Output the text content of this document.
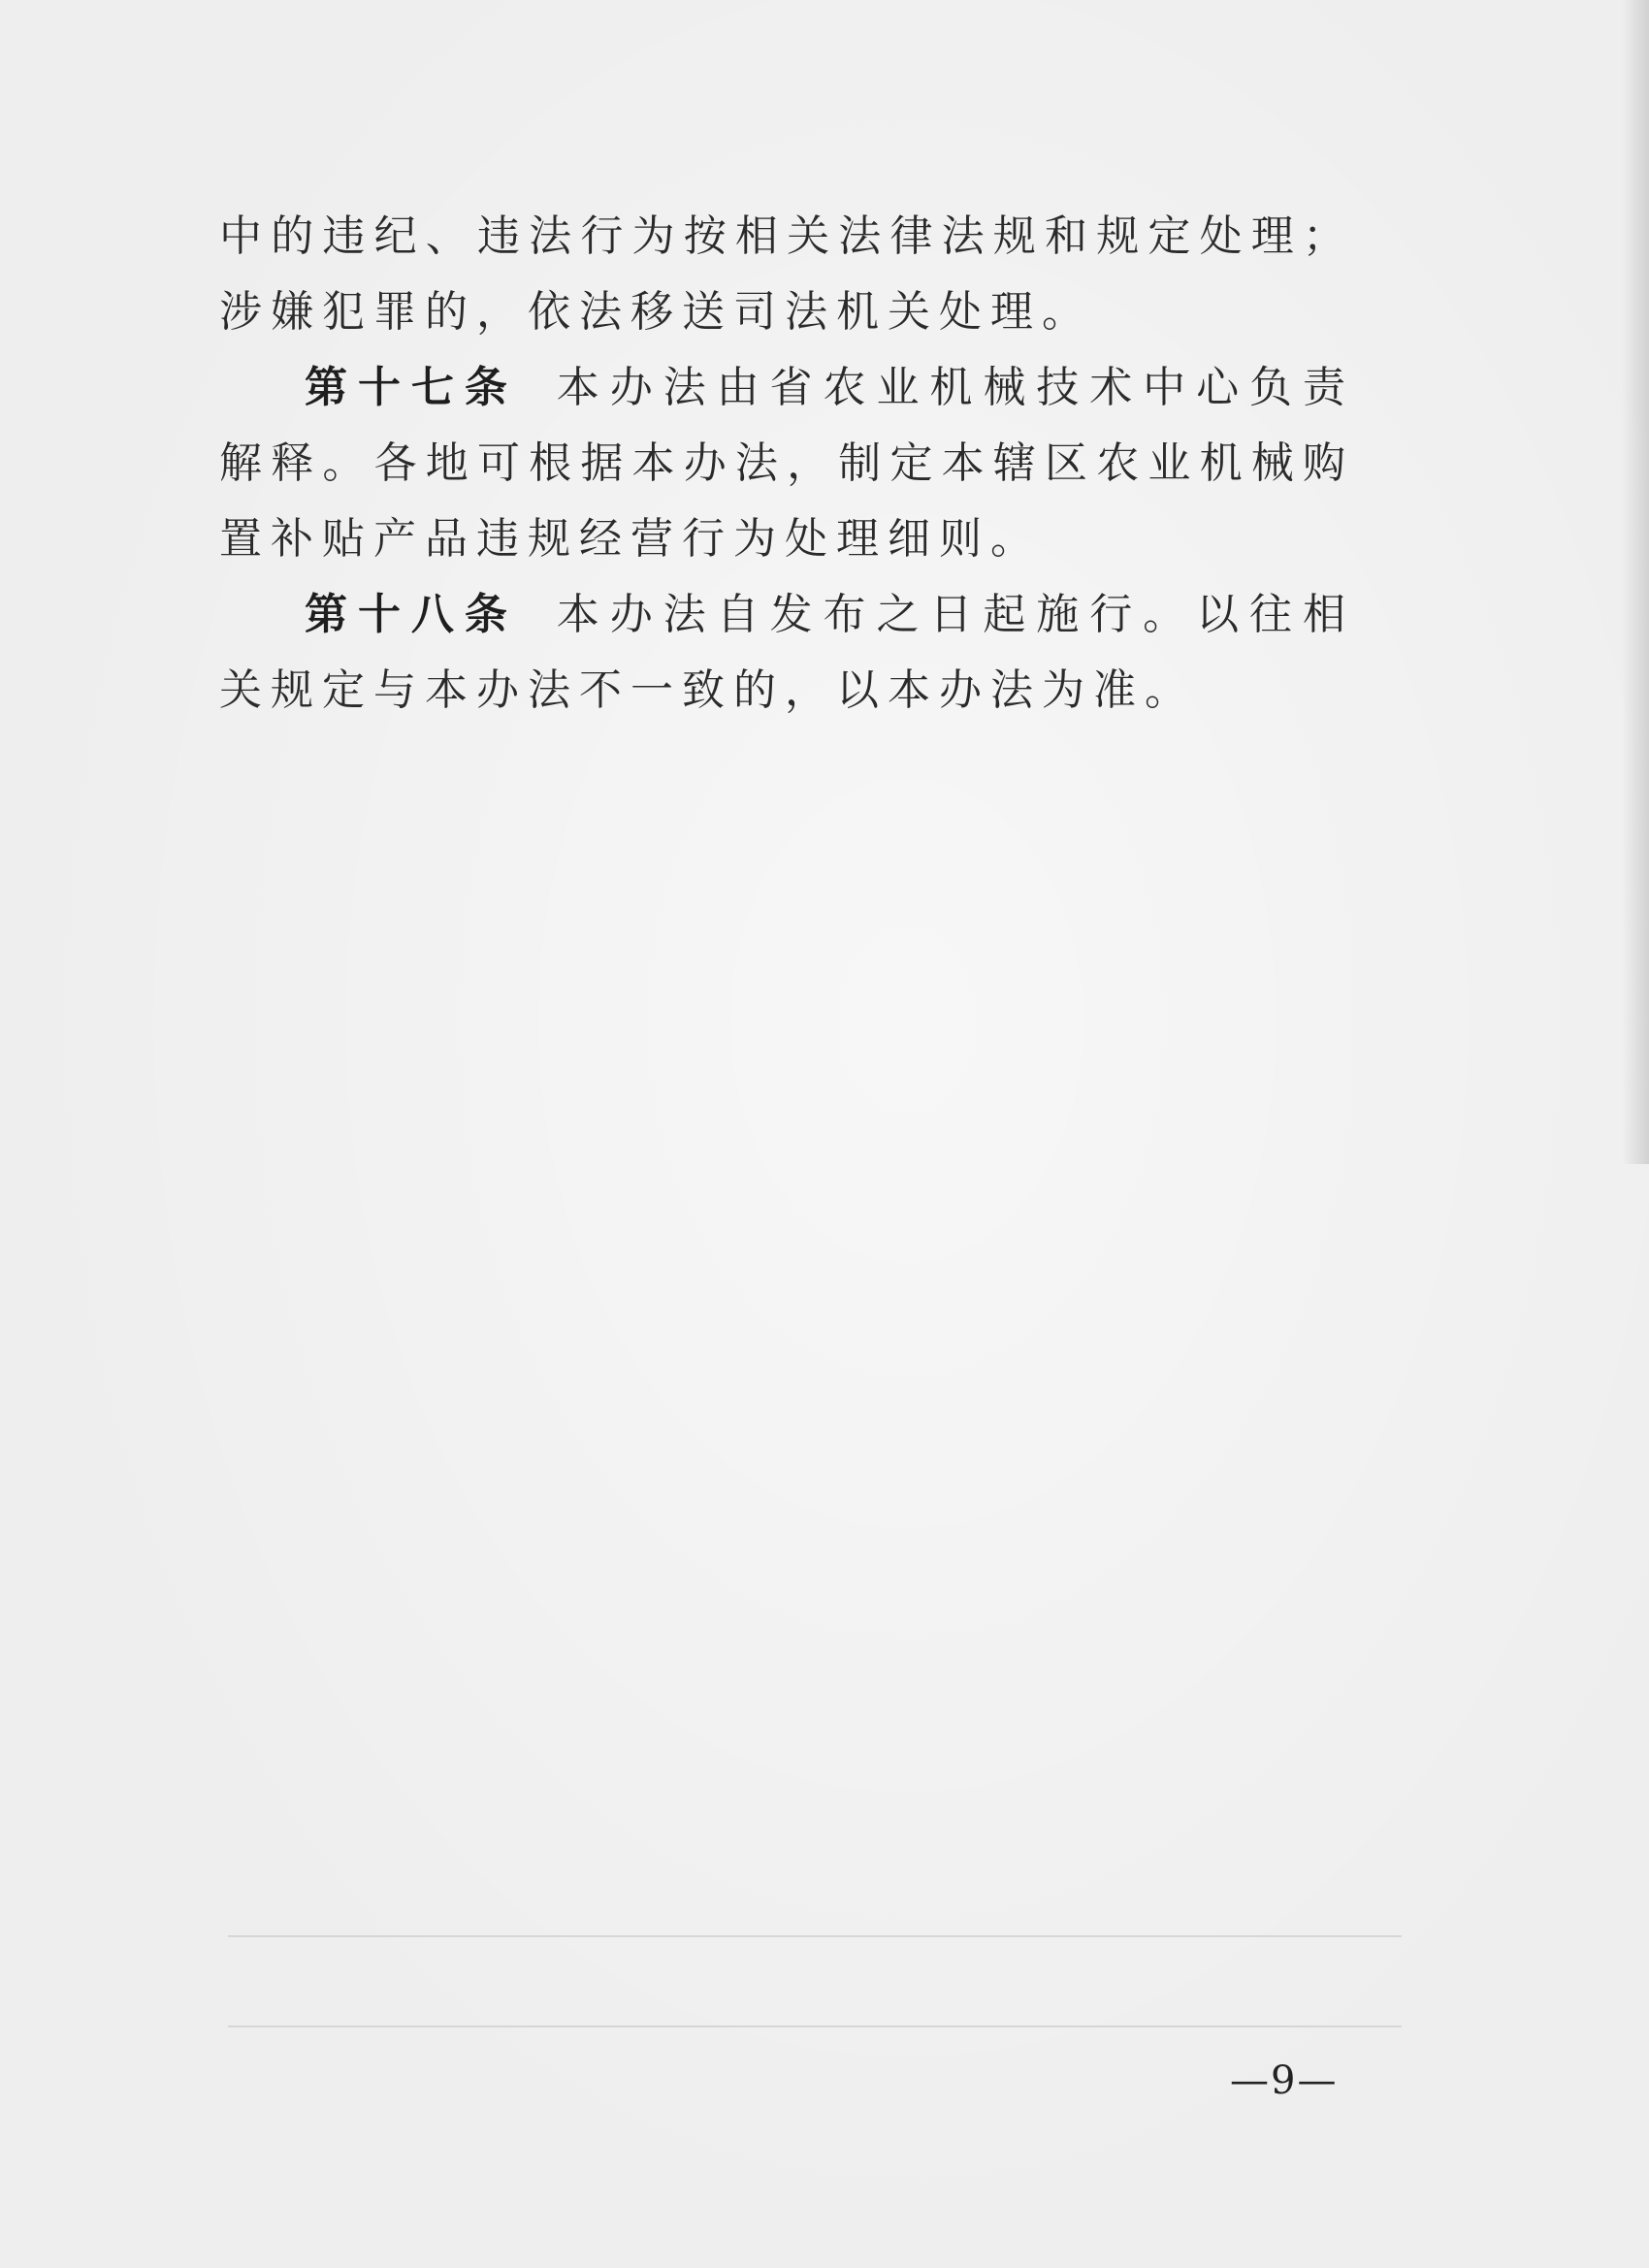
中的违纪、违法行为按相关法律法规和规定处理；涉嫌犯罪的，依法移送司法机关处理。

第十七条 本办法由省农业机械技术中心负责解释。各地可根据本办法，制定本辖区农业机械购置补贴产品违规经营行为处理细则。

第十八条 本办法自发布之日起施行。以往相关规定与本办法不一致的，以本办法为准。

—9—
